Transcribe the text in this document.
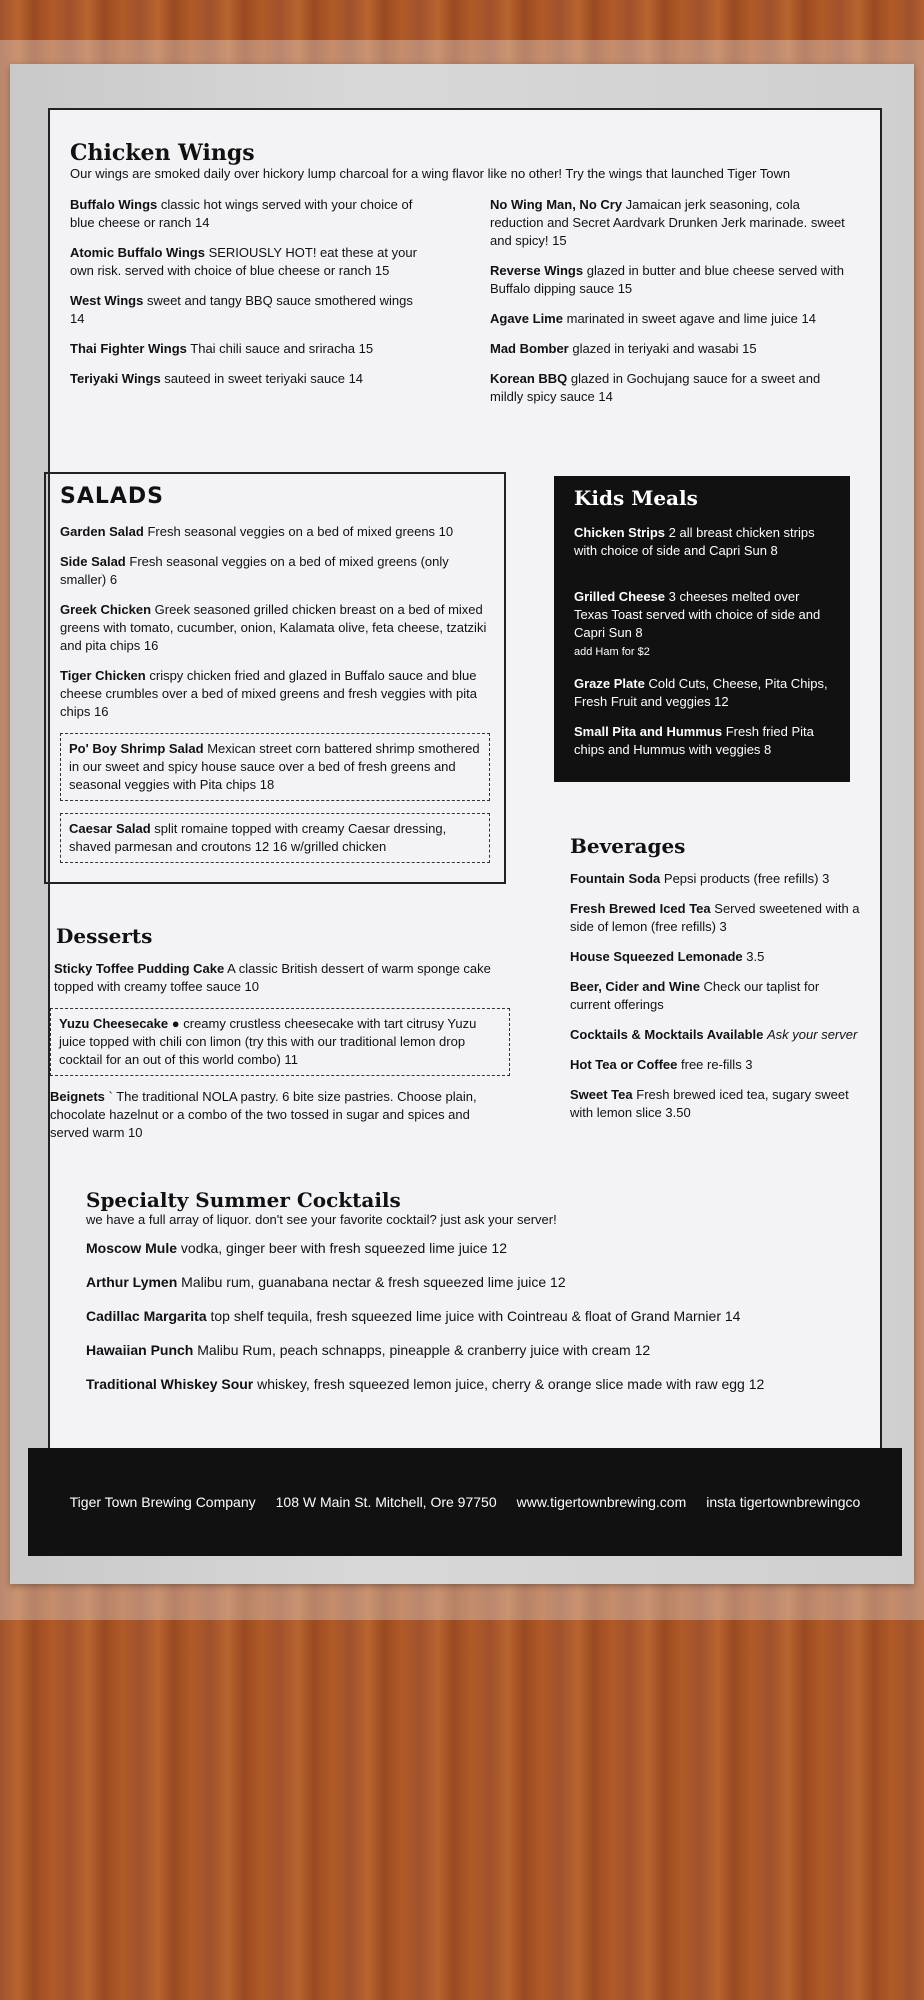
Chicken Wings
Our wings are smoked daily over hickory lump charcoal for a wing flavor like no other! Try the wings that launched Tiger Town
Buffalo Wings classic hot wings served with your choice of blue cheese or ranch 14
Atomic Buffalo Wings SERIOUSLY HOT! eat these at your own risk. served with choice of blue cheese or ranch 15
West Wings sweet and tangy BBQ sauce smothered wings 14
Thai Fighter Wings Thai chili sauce and sriracha 15
Teriyaki Wings sauteed in sweet teriyaki sauce 14
No Wing Man, No Cry Jamaican jerk seasoning, cola reduction and Secret Aardvark Drunken Jerk marinade. sweet and spicy! 15
Reverse Wings glazed in butter and blue cheese served with Buffalo dipping sauce 15
Agave Lime marinated in sweet agave and lime juice 14
Mad Bomber glazed in teriyaki and wasabi 15
Korean BBQ glazed in Gochujang sauce for a sweet and mildly spicy sauce 14
SALADS
Garden Salad Fresh seasonal veggies on a bed of mixed greens 10
Side Salad Fresh seasonal veggies on a bed of mixed greens (only smaller) 6
Greek Chicken Greek seasoned grilled chicken breast on a bed of mixed greens with tomato, cucumber, onion, Kalamata olive, feta cheese, tzatziki and pita chips 16
Tiger Chicken crispy chicken fried and glazed in Buffalo sauce and blue cheese crumbles over a bed of mixed greens and fresh veggies with pita chips 16
Po' Boy Shrimp Salad Mexican street corn battered shrimp smothered in our sweet and spicy house sauce over a bed of fresh greens and seasonal veggies with Pita chips 18
Caesar Salad split romaine topped with creamy Caesar dressing, shaved parmesan and croutons 12 16 w/grilled chicken
Kids Meals
Chicken Strips 2 all breast chicken strips with choice of side and Capri Sun 8
Grilled Cheese 3 cheeses melted over Texas Toast served with choice of side and Capri Sun 8
add Ham for $2
Graze Plate Cold Cuts, Cheese, Pita Chips, Fresh Fruit and veggies 12
Small Pita and Hummus Fresh fried Pita chips and Hummus with veggies 8
Beverages
Fountain Soda Pepsi products (free refills) 3
Fresh Brewed Iced Tea Served sweetened with a side of lemon (free refills) 3
House Squeezed Lemonade 3.5
Beer, Cider and Wine Check our taplist for current offerings
Cocktails & Mocktails Available Ask your server
Hot Tea or Coffee free re-fills 3
Sweet Tea Fresh brewed iced tea, sugary sweet with lemon slice 3.50
Desserts
Sticky Toffee Pudding Cake A classic British dessert of warm sponge cake topped with creamy toffee sauce 10
Yuzu Cheesecake ● creamy crustless cheesecake with tart citrusy Yuzu juice topped with chili con limon (try this with our traditional lemon drop cocktail for an out of this world combo) 11
Beignets ` The traditional NOLA pastry. 6 bite size pastries. Choose plain, chocolate hazelnut or a combo of the two tossed in sugar and spices and served warm 10
Specialty Summer Cocktails
we have a full array of liquor. don't see your favorite cocktail? just ask your server!
Moscow Mule vodka, ginger beer with fresh squeezed lime juice 12
Arthur Lymen Malibu rum, guanabana nectar & fresh squeezed lime juice 12
Cadillac Margarita top shelf tequila, fresh squeezed lime juice with Cointreau & float of Grand Marnier 14
Hawaiian Punch Malibu Rum, peach schnapps, pineapple & cranberry juice with cream 12
Traditional Whiskey Sour whiskey, fresh squeezed lemon juice, cherry & orange slice made with raw egg 12
Tiger Town Brewing Company 108 W Main St. Mitchell, Ore 97750 www.tigertownbrewing.com insta tigertownbrewingco
